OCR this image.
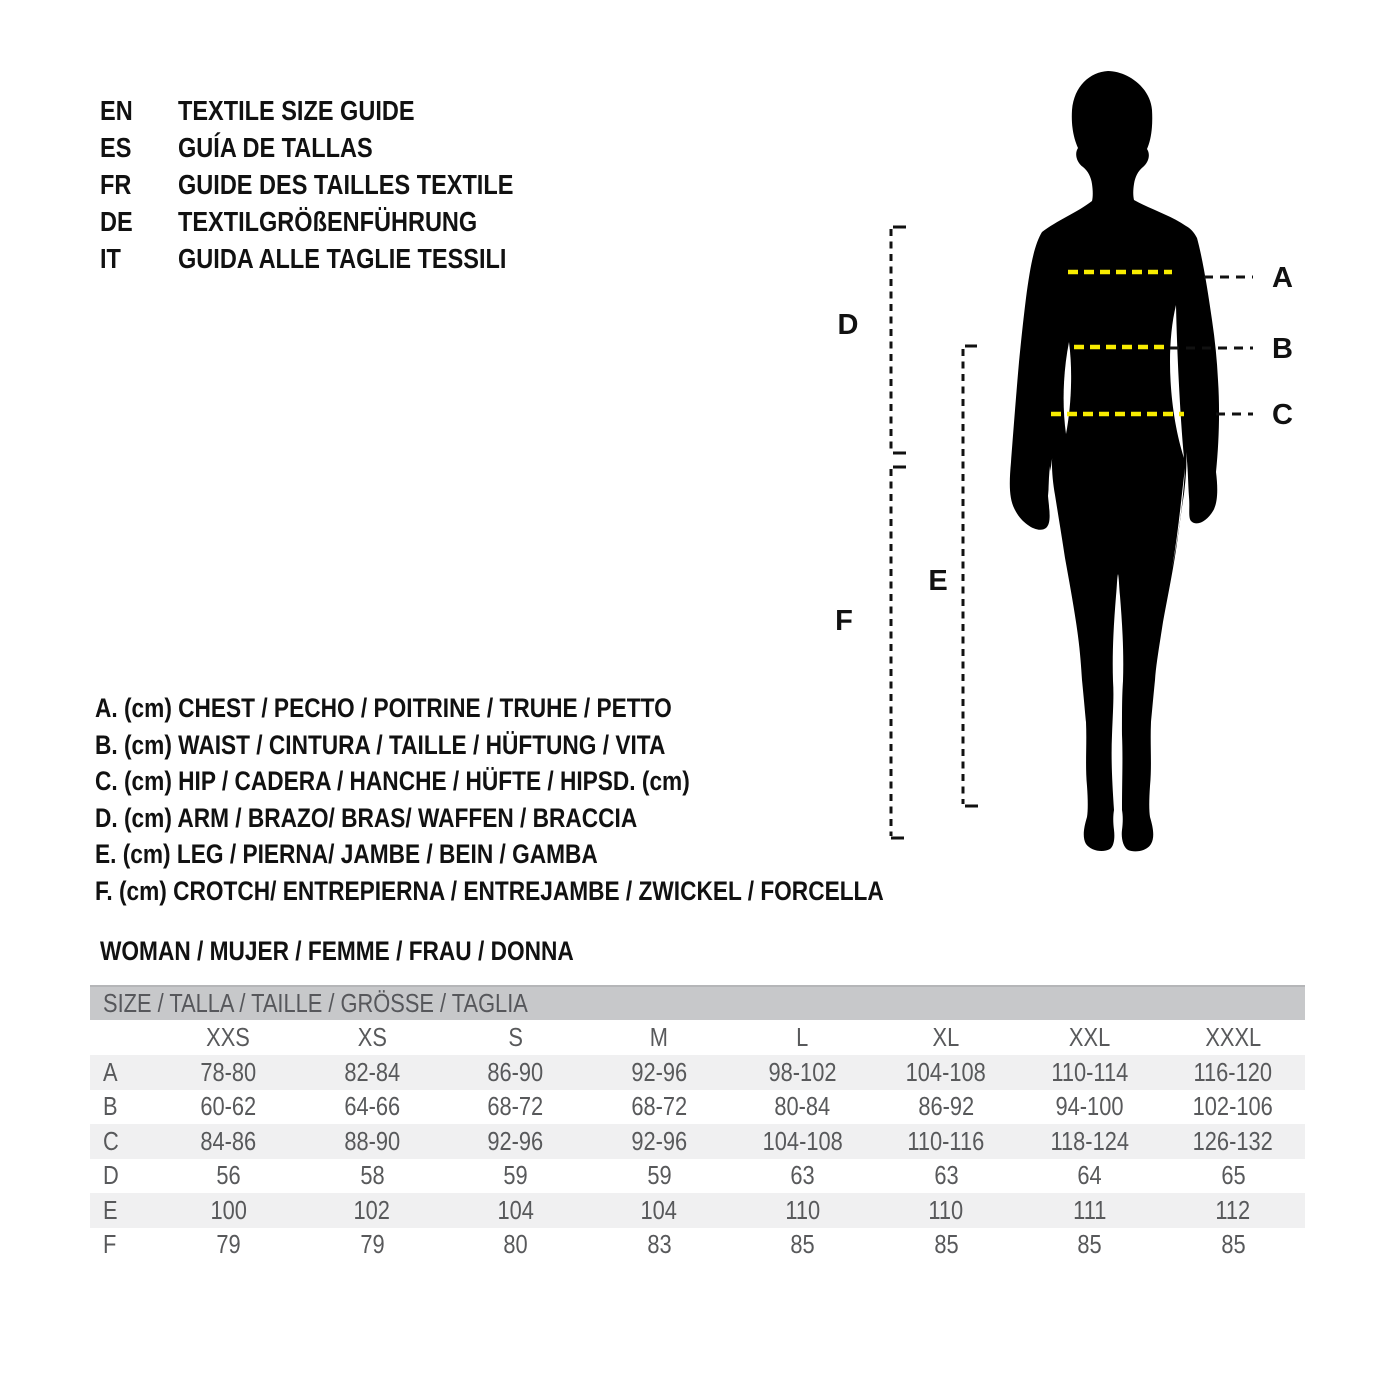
EN	TEXTILE SIZE GUIDE
ES	GUÍA DE TALLAS
FR	GUIDE DES TAILLES TEXTILE
DE	TEXTILGRÖßENFÜHRUNG
IT	GUIDA ALLE TAGLIE TESSILI
A
B
C
D
E
F
A. (cm) CHEST / PECHO / POITRINE / TRUHE / PETTO
B. (cm) WAIST / CINTURA / TAILLE / HÜFTUNG / VITA
C. (cm) HIP / CADERA / HANCHE / HÜFTE / HIPSD. (cm)
D. (cm) ARM / BRAZO/ BRAS/ WAFFEN / BRACCIA
E. (cm) LEG / PIERNA/ JAMBE / BEIN / GAMBA
F. (cm) CROTCH/ ENTREPIERNA / ENTREJAMBE / ZWICKEL / FORCELLA
WOMAN / MUJER / FEMME / FRAU / DONNA
SIZE / TALLA / TAILLE / GRÖSSE / TAGLIA
	XXS	XS	S	M	L	XL	XXL	XXXL
A	78-80	82-84	86-90	92-96	98-102	104-108	110-114	116-120
B	60-62	64-66	68-72	68-72	80-84	86-92	94-100	102-106
C	84-86	88-90	92-96	92-96	104-108	110-116	118-124	126-132
D	56	58	59	59	63	63	64	65
E	100	102	104	104	110	110	111	112
F	79	79	80	83	85	85	85	85
